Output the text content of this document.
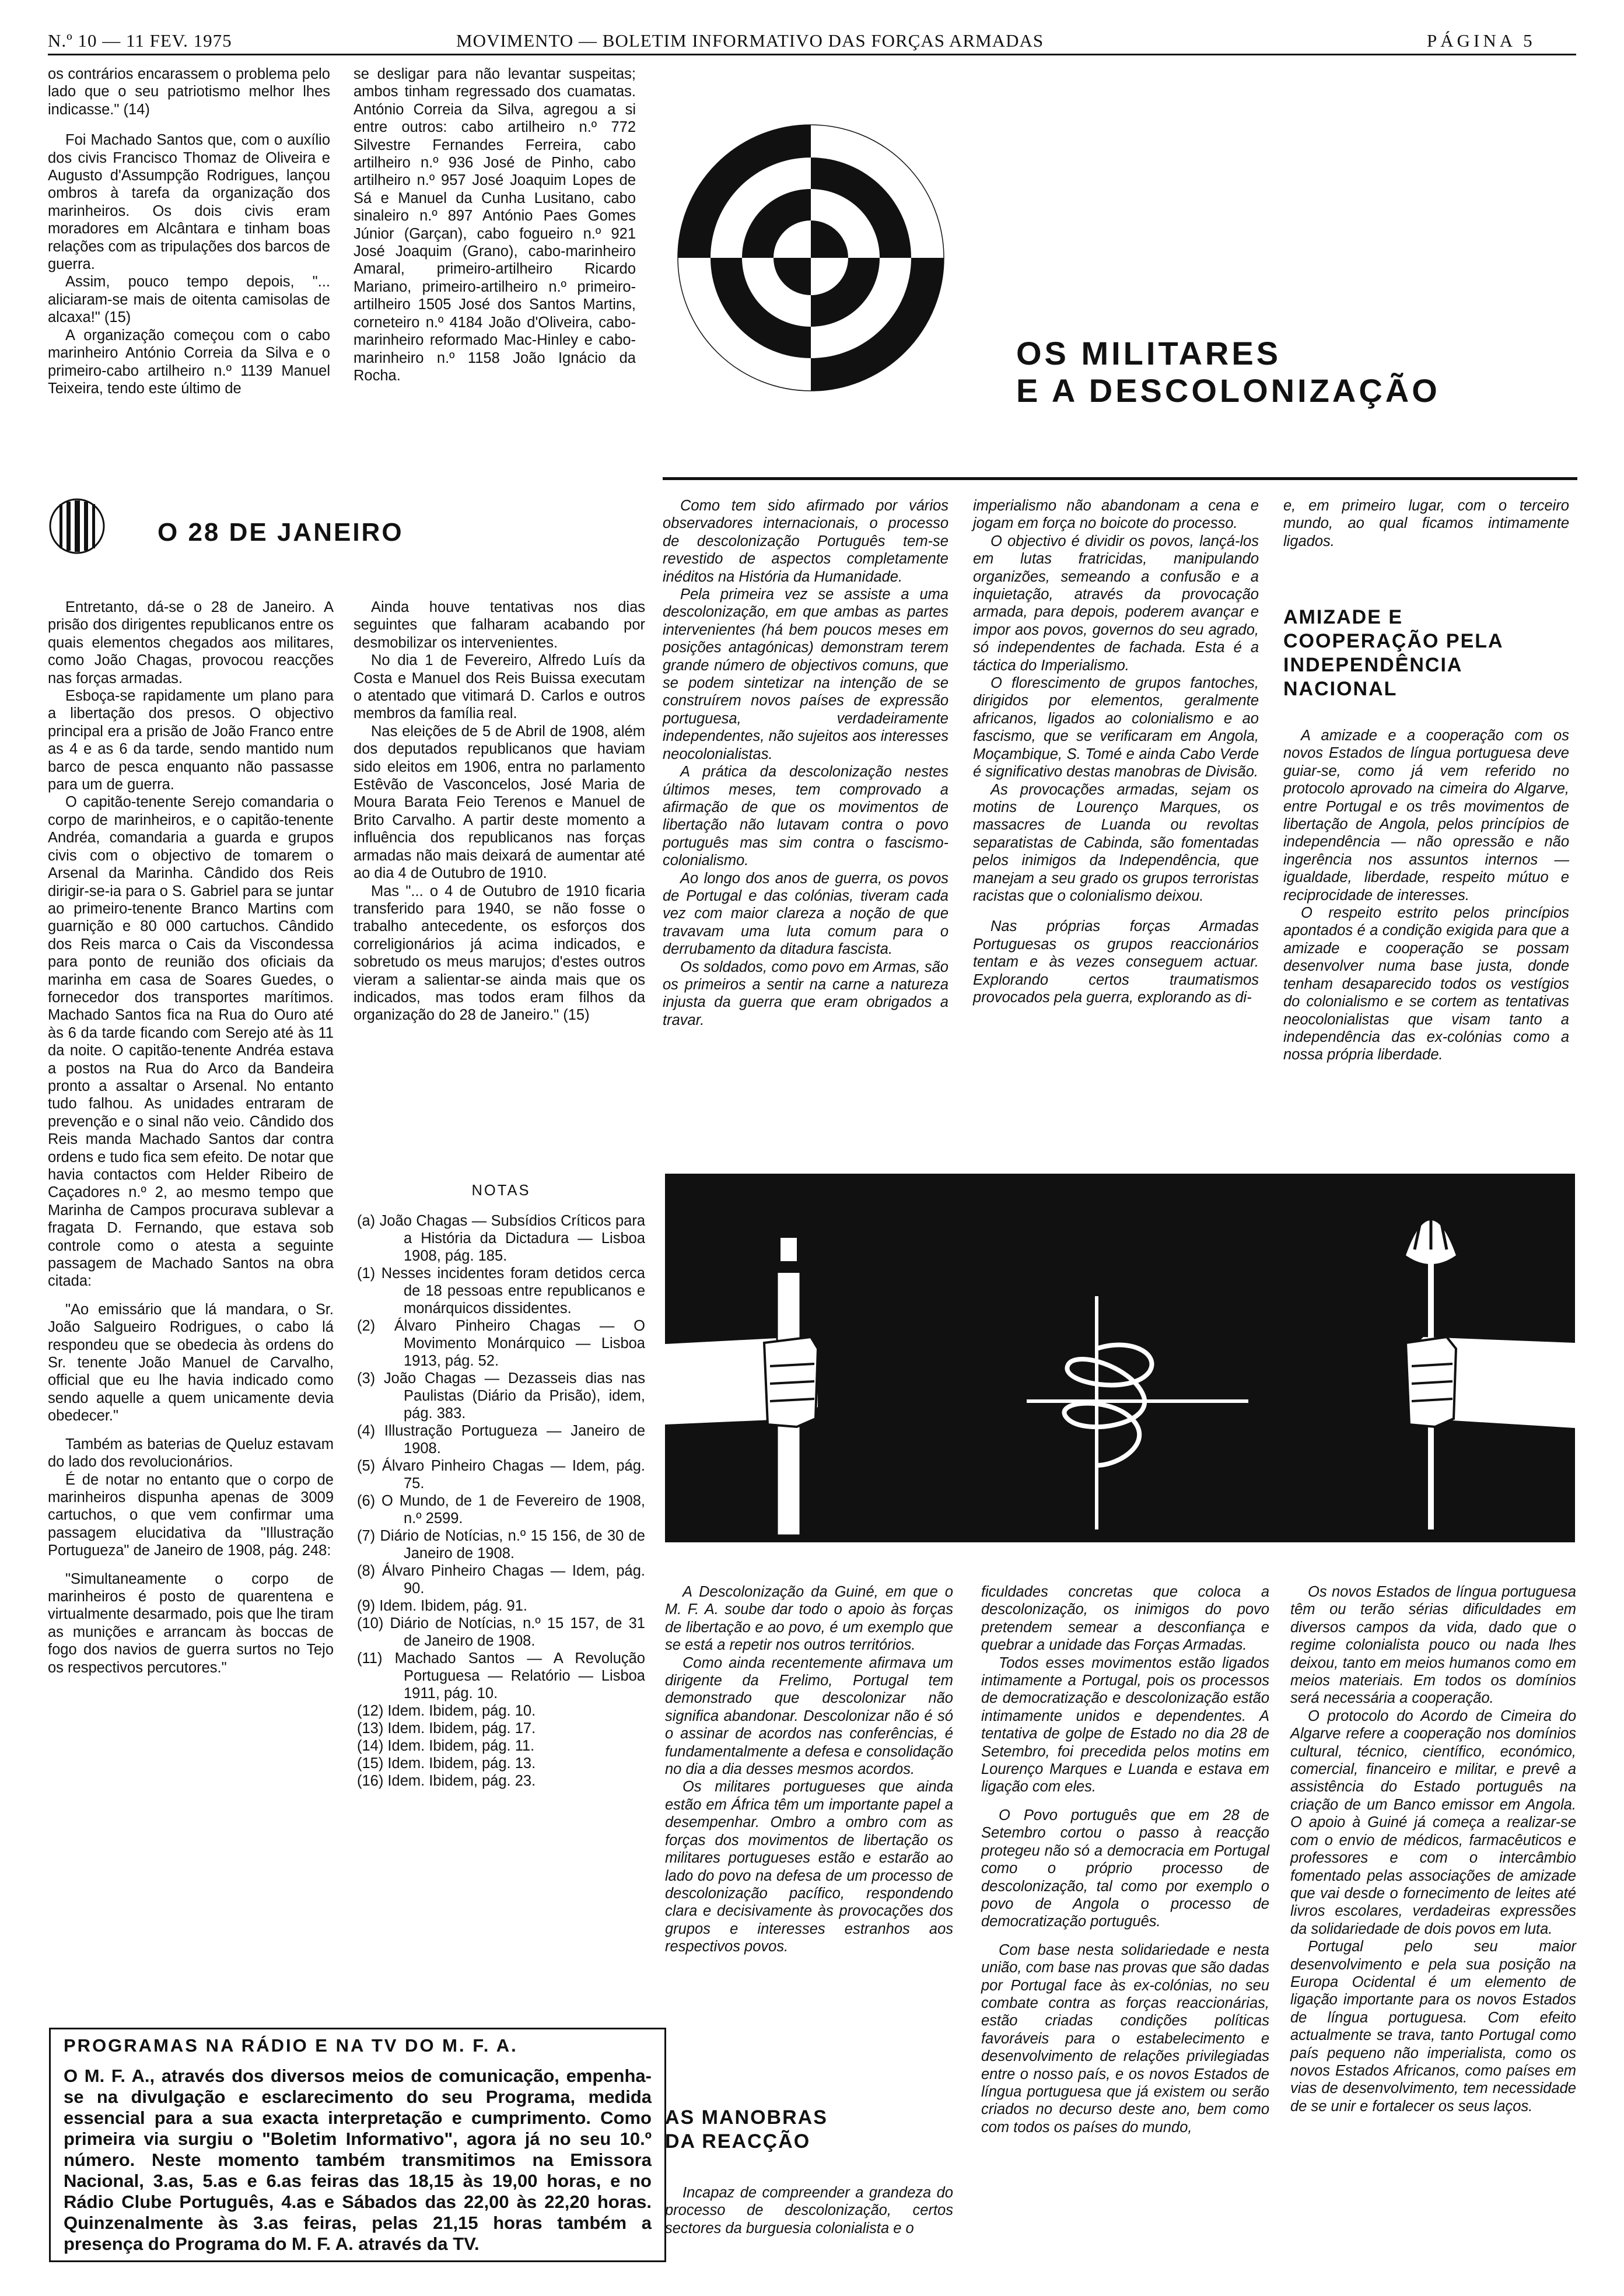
N.º 10 — 11 FEV. 1975	MOVIMENTO — BOLETIM INFORMATIVO DAS FORÇAS ARMADAS	PÁGINA 5

os contrários encarassem o problema pelo lado que o seu patriotismo melhor lhes indicasse." (14)

Foi Machado Santos que, com o auxílio dos civis Francisco Thomaz de Oliveira e Augusto d'Assumpção Rodrigues, lançou ombros à tarefa da organização dos marinheiros. Os dois civis eram moradores em Alcântara e tinham boas relações com as tripulações dos barcos de guerra.

Assim, pouco tempo depois, "... aliciaram-se mais de oitenta camisolas de alcaxa!" (15)

A organização começou com o cabo marinheiro António Correia da Silva e o primeiro-cabo artilheiro n.º 1139 Manuel Teixeira, tendo este último de

se desligar para não levantar suspeitas; ambos tinham regressado dos cuamatas. António Correia da Silva, agregou a si entre outros: cabo artilheiro n.º 772 Silvestre Fernandes Ferreira, cabo artilheiro n.º 936 José de Pinho, cabo artilheiro n.º 957 José Joaquim Lopes de Sá e Manuel da Cunha Lusitano, cabo sinaleiro n.º 897 António Paes Gomes Júnior (Garçan), cabo fogueiro n.º 921 José Joaquim (Grano), cabo-marinheiro Amaral, primeiro-artilheiro Ricardo Mariano, primeiro-artilheiro n.º primeiro-artilheiro 1505 José dos Santos Martins, corneteiro n.º 4184 João d'Oliveira, cabo-marinheiro reformado Mac-Hinley e cabo-marinheiro n.º 1158 João Ignácio da Rocha.

OS MILITARES
E A DESCOLONIZAÇÃO
O 28 DE JANEIRO

Entretanto, dá-se o 28 de Janeiro. A prisão dos dirigentes republicanos entre os quais elementos chegados aos militares, como João Chagas, provocou reacções nas forças armadas.

Esboça-se rapidamente um plano para a libertação dos presos. O objectivo principal era a prisão de João Franco entre as 4 e as 6 da tarde, sendo mantido num barco de pesca enquanto não passasse para um de guerra.

O capitão-tenente Serejo comandaria o corpo de marinheiros, e o capitão-tenente Andréa, comandaria a guarda e grupos civis com o objectivo de tomarem o Arsenal da Marinha. Cândido dos Reis dirigir-se-ia para o S. Gabriel para se juntar ao primeiro-tenente Branco Martins com guarnição e 80 000 cartuchos. Cândido dos Reis marca o Cais da Viscondessa para ponto de reunião dos oficiais da marinha em casa de Soares Guedes, o fornecedor dos transportes marítimos. Machado Santos fica na Rua do Ouro até às 6 da tarde ficando com Serejo até às 11 da noite. O capitão-tenente Andréa estava a postos na Rua do Arco da Bandeira pronto a assaltar o Arsenal. No entanto tudo falhou. As unidades entraram de prevenção e o sinal não veio. Cândido dos Reis manda Machado Santos dar contra ordens e tudo fica sem efeito. De notar que havia contactos com Helder Ribeiro de Caçadores n.º 2, ao mesmo tempo que Marinha de Campos procurava sublevar a fragata D. Fernando, que estava sob controle como o atesta a seguinte passagem de Machado Santos na obra citada:

"Ao emissário que lá mandara, o Sr. João Salgueiro Rodrigues, o cabo lá respondeu que se obedecia às ordens do Sr. tenente João Manuel de Carvalho, official que eu lhe havia indicado como sendo aquelle a quem unicamente devia obedecer."

Também as baterias de Queluz estavam do lado dos revolucionários.

É de notar no entanto que o corpo de marinheiros dispunha apenas de 3009 cartuchos, o que vem confirmar uma passagem elucidativa da "Illustração Portugueza" de Janeiro de 1908, pág. 248:

"Simultaneamente o corpo de marinheiros é posto de quarentena e virtualmente desarmado, pois que lhe tiram as munições e arrancam às boccas de fogo dos navios de guerra surtos no Tejo os respectivos percutores."

Ainda houve tentativas nos dias seguintes que falharam acabando por desmobilizar os intervenientes.

No dia 1 de Fevereiro, Alfredo Luís da Costa e Manuel dos Reis Buissa executam o atentado que vitimará D. Carlos e outros membros da família real.

Nas eleições de 5 de Abril de 1908, além dos deputados republicanos que haviam sido eleitos em 1906, entra no parlamento Estêvão de Vasconcelos, José Maria de Moura Barata Feio Terenos e Manuel de Brito Carvalho. A partir deste momento a influência dos republicanos nas forças armadas não mais deixará de aumentar até ao dia 4 de Outubro de 1910.

Mas "... o 4 de Outubro de 1910 ficaria transferido para 1940, se não fosse o trabalho antecedente, os esforços dos correligionários já acima indicados, e sobretudo os meus marujos; d'estes outros vieram a salientar-se ainda mais que os indicados, mas todos eram filhos da organização do 28 de Janeiro." (15)

NOTAS

(a) João Chagas — Subsídios Críticos para a História da Dictadura — Lisboa 1908, pág. 185.

(1) Nesses incidentes foram detidos cerca de 18 pessoas entre republicanos e monárquicos dissidentes.

(2) Álvaro Pinheiro Chagas — O Movimento Monárquico — Lisboa 1913, pág. 52.

(3) João Chagas — Dezasseis dias nas Paulistas (Diário da Prisão), idem, pág. 383.

(4) Illustração Portugueza — Janeiro de 1908.

(5) Álvaro Pinheiro Chagas — Idem, pág. 75.

(6) O Mundo, de 1 de Fevereiro de 1908, n.º 2599.

(7) Diário de Notícias, n.º 15 156, de 30 de Janeiro de 1908.

(8) Álvaro Pinheiro Chagas — Idem, pág. 90.

(9) Idem. Ibidem, pág. 91.

(10) Diário de Notícias, n.º 15 157, de 31 de Janeiro de 1908.

(11) Machado Santos — A Revolução Portuguesa — Relatório — Lisboa 1911, pág. 10.

(12) Idem. Ibidem, pág. 10.

(13) Idem. Ibidem, pág. 17.

(14) Idem. Ibidem, pág. 11.

(15) Idem. Ibidem, pág. 13.

(16) Idem. Ibidem, pág. 23.

PROGRAMAS NA RÁDIO E NA TV DO M. F. A.

O M. F. A., através dos diversos meios de comunicação, empenha-se na divulgação e esclarecimento do seu Programa, medida essencial para a sua exacta interpretação e cumprimento. Como primeira via surgiu o "Boletim Informativo", agora já no seu 10.º número. Neste momento também transmitimos na Emissora Nacional, 3.as, 5.as e 6.as feiras das 18,15 às 19,00 horas, e no Rádio Clube Português, 4.as e Sábados das 22,00 às 22,20 horas. Quinzenalmente às 3.as feiras, pelas 21,15 horas também a presença do Programa do M. F. A. através da TV.

Como tem sido afirmado por vários observadores internacionais, o processo de descolonização Português tem-se revestido de aspectos completamente inéditos na História da Humanidade.

Pela primeira vez se assiste a uma descolonização, em que ambas as partes intervenientes (há bem poucos meses em posições antagónicas) demonstram terem grande número de objectivos comuns, que se podem sintetizar na intenção de se construírem novos países de expressão portuguesa, verdadeiramente independentes, não sujeitos aos interesses neocolonialistas.

A prática da descolonização nestes últimos meses, tem comprovado a afirmação de que os movimentos de libertação não lutavam contra o povo português mas sim contra o fascismo-colonialismo.

Ao longo dos anos de guerra, os povos de Portugal e das colónias, tiveram cada vez com maior clareza a noção de que travavam uma luta comum para o derrubamento da ditadura fascista.

Os soldados, como povo em Armas, são os primeiros a sentir na carne a natureza injusta da guerra que eram obrigados a travar.

imperialismo não abandonam a cena e jogam em força no boicote do processo.

O objectivo é dividir os povos, lançá-los em lutas fratricidas, manipulando organizões, semeando a confusão e a inquietação, através da provocação armada, para depois, poderem avançar e impor aos povos, governos do seu agrado, só independentes de fachada. Esta é a táctica do Imperialismo.

O florescimento de grupos fantoches, dirigidos por elementos, geralmente africanos, ligados ao colonialismo e ao fascismo, que se verificaram em Angola, Moçambique, S. Tomé e ainda Cabo Verde é significativo destas manobras de Divisão.

As provocações armadas, sejam os motins de Lourenço Marques, os massacres de Luanda ou revoltas separatistas de Cabinda, são fomentadas pelos inimigos da Independência, que manejam a seu grado os grupos terroristas racistas que o colonialismo deixou.

Nas próprias forças Armadas Portuguesas os grupos reaccionários tentam e às vezes conseguem actuar. Explorando certos traumatismos provocados pela guerra, explorando as di-

e, em primeiro lugar, com o terceiro mundo, ao qual ficamos intimamente ligados.

AMIZADE E COOPERAÇÃO PELA INDEPENDÊNCIA NACIONAL

A amizade e a cooperação com os novos Estados de língua portuguesa deve guiar-se, como já vem referido no protocolo aprovado na cimeira do Algarve, entre Portugal e os três movimentos de libertação de Angola, pelos princípios de independência — não opressão e não ingerência nos assuntos internos — igualdade, liberdade, respeito mútuo e reciprocidade de interesses.

O respeito estrito pelos princípios apontados é a condição exigida para que a amizade e cooperação se possam desenvolver numa base justa, donde tenham desaparecido todos os vestígios do colonialismo e se cortem as tentativas neocolonialistas que visam tanto a independência das ex-colónias como a nossa própria liberdade.

A Descolonização da Guiné, em que o M. F. A. soube dar todo o apoio às forças de libertação e ao povo, é um exemplo que se está a repetir nos outros territórios.

Como ainda recentemente afirmava um dirigente da Frelimo, Portugal tem demonstrado que descolonizar não significa abandonar. Descolonizar não é só o assinar de acordos nas conferências, é fundamentalmente a defesa e consolidação no dia a dia desses mesmos acordos.

Os militares portugueses que ainda estão em África têm um importante papel a desempenhar. Ombro a ombro com as forças dos movimentos de libertação os militares portugueses estão e estarão ao lado do povo na defesa de um processo de descolonização pacífico, respondendo clara e decisivamente às provocações dos grupos e interesses estranhos aos respectivos povos.

AS MANOBRAS DA REACÇÃO

Incapaz de compreender a grandeza do processo de descolonização, certos sectores da burguesia colonialista e o

ficuldades concretas que coloca a descolonização, os inimigos do povo pretendem semear a desconfiança e quebrar a unidade das Forças Armadas.

Todos esses movimentos estão ligados intimamente a Portugal, pois os processos de democratização e descolonização estão intimamente unidos e dependentes. A tentativa de golpe de Estado no dia 28 de Setembro, foi precedida pelos motins em Lourenço Marques e Luanda e estava em ligação com eles.

O Povo português que em 28 de Setembro cortou o passo à reacção protegeu não só a democracia em Portugal como o próprio processo de descolonização, tal como por exemplo o povo de Angola o processo de democratização português.

Com base nesta solidariedade e nesta união, com base nas provas que são dadas por Portugal face às ex-colónias, no seu combate contra as forças reaccionárias, estão criadas condições políticas favoráveis para o estabelecimento e desenvolvimento de relações privilegiadas entre o nosso país, e os novos Estados de língua portuguesa que já existem ou serão criados no decurso deste ano, bem como com todos os países do mundo,

Os novos Estados de língua portuguesa têm ou terão sérias dificuldades em diversos campos da vida, dado que o regime colonialista pouco ou nada lhes deixou, tanto em meios humanos como em meios materiais. Em todos os domínios será necessária a cooperação.

O protocolo do Acordo de Cimeira do Algarve refere a cooperação nos domínios cultural, técnico, científico, económico, comercial, financeiro e militar, e prevê a assistência do Estado português na criação de um Banco emissor em Angola. O apoio à Guiné já começa a realizar-se com o envio de médicos, farmacêuticos e professores e com o intercâmbio fomentado pelas associações de amizade que vai desde o fornecimento de leites até livros escolares, verdadeiras expressões da solidariedade de dois povos em luta.

Portugal pelo seu maior desenvolvimento e pela sua posição na Europa Ocidental é um elemento de ligação importante para os novos Estados de língua portuguesa. Com efeito actualmente se trava, tanto Portugal como país pequeno não imperialista, como os novos Estados Africanos, como países em vias de desenvolvimento, tem necessidade de se unir e fortalecer os seus laços.
